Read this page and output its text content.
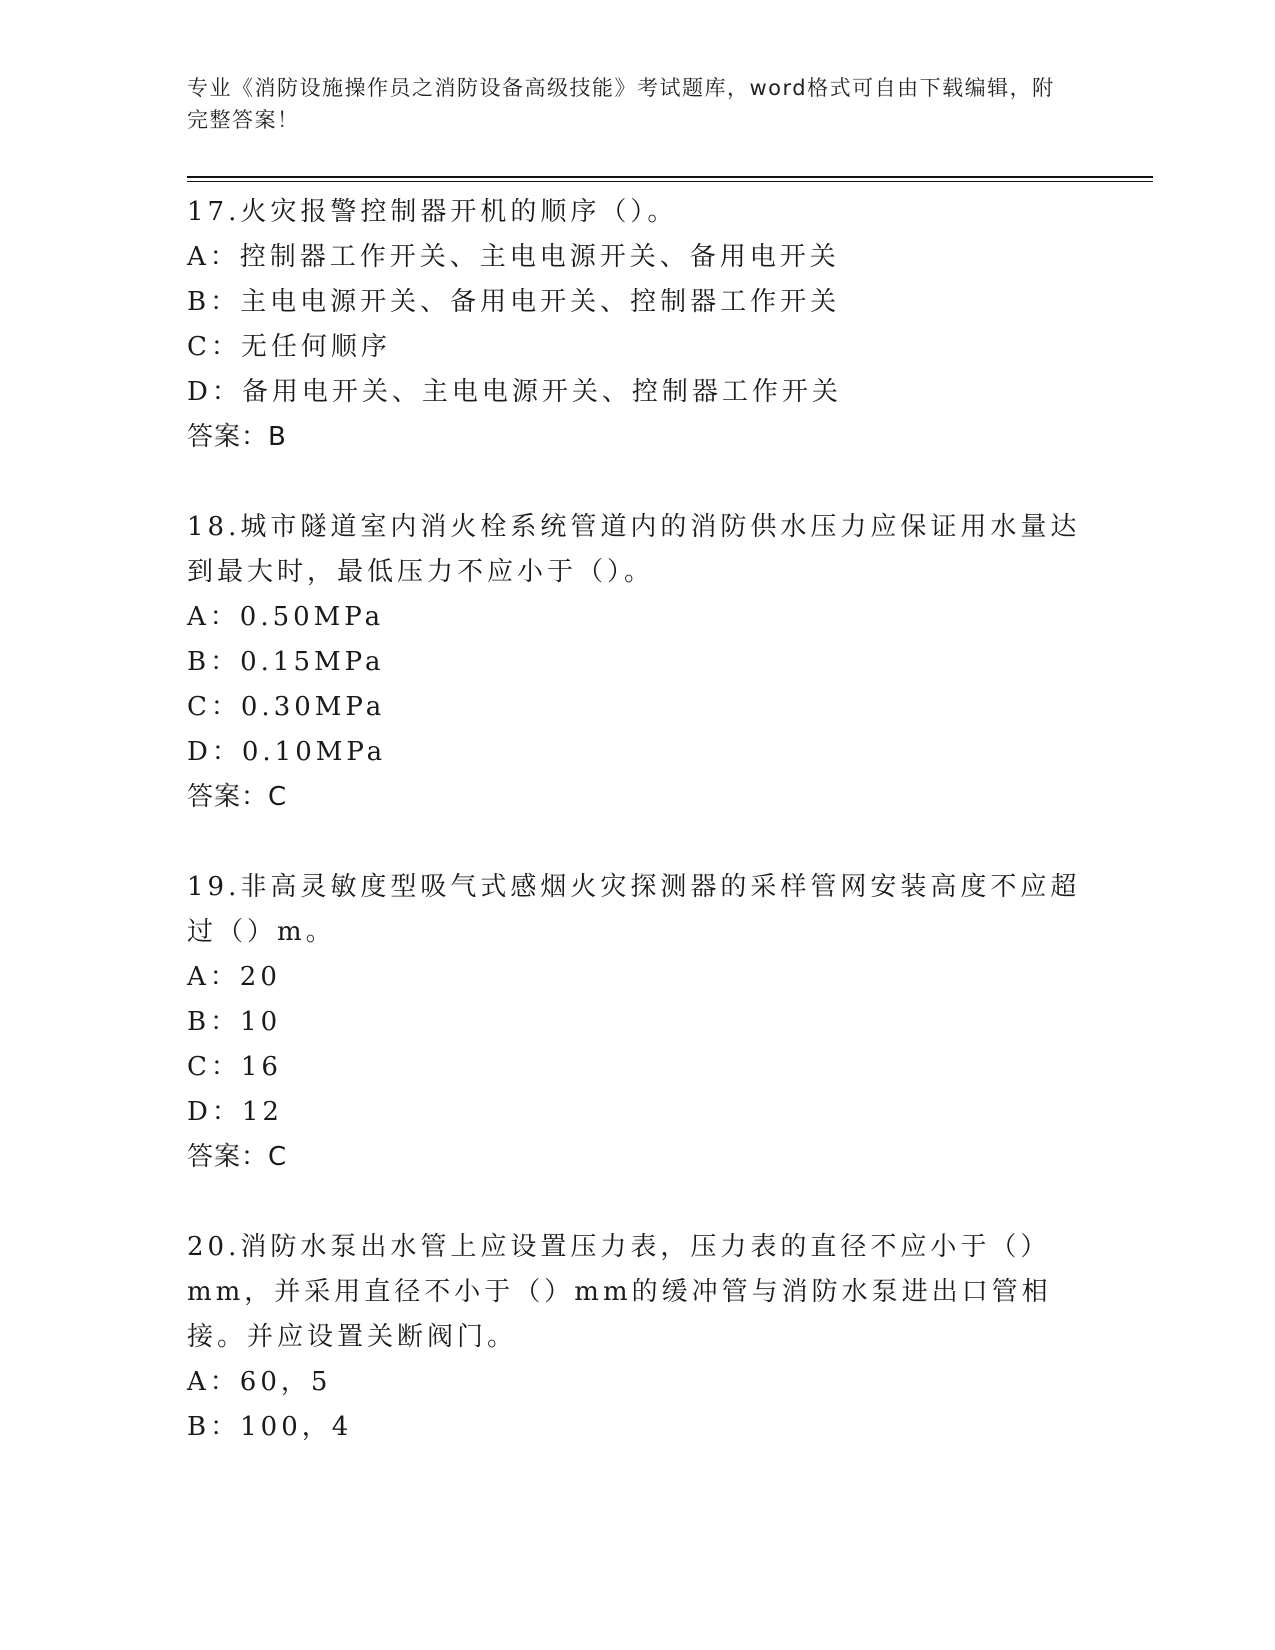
专业《消防设施操作员之消防设备高级技能》考试题库，word格式可自由下载编辑，附完整答案！

17.火灾报警控制器开机的顺序（）。

A：控制器工作开关、主电电源开关、备用电开关

B：主电电源开关、备用电开关、控制器工作开关

C：无任何顺序

D：备用电开关、主电电源开关、控制器工作开关

答案：B

18.城市隧道室内消火栓系统管道内的消防供水压力应保证用水量达到最大时，最低压力不应小于（）。

A：0.50MPa

B：0.15MPa

C：0.30MPa

D：0.10MPa

答案：C

19.非高灵敏度型吸气式感烟火灾探测器的采样管网安装高度不应超过（）m。

A：20

B：10

C：16

D：12

答案：C

20.消防水泵出水管上应设置压力表，压力表的直径不应小于（）mm，并采用直径不小于（）mm的缓冲管与消防水泵进出口管相接。并应设置关断阀门。

A：60，5

B：100，4
